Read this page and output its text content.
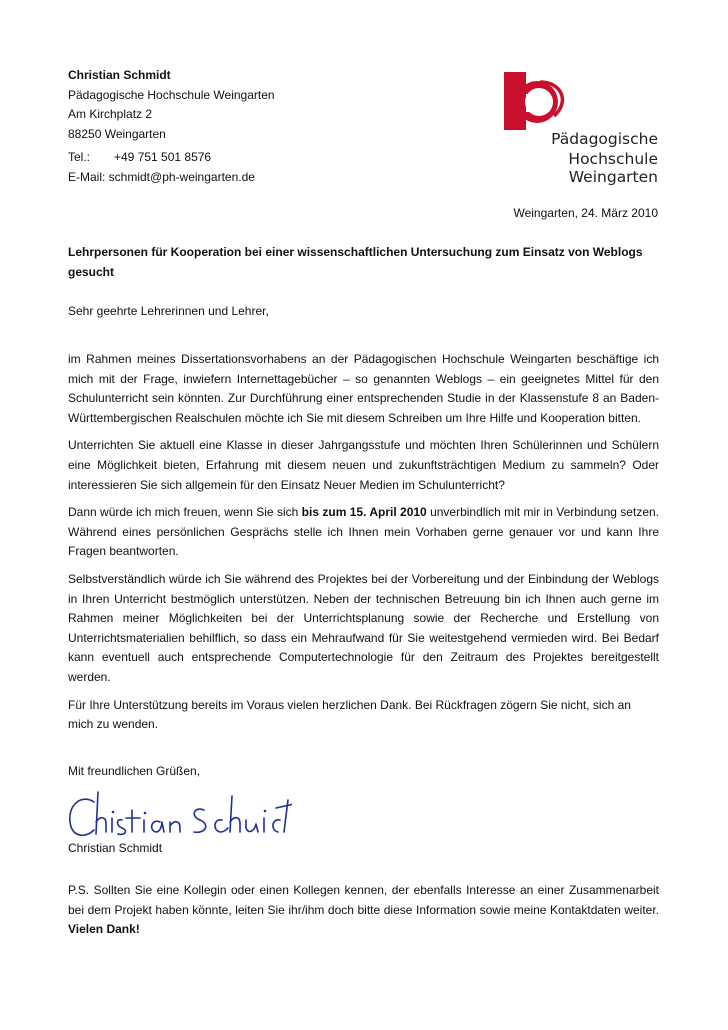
Christian Schmidt
Pädagogische Hochschule Weingarten
Am Kirchplatz 2
88250 Weingarten
Tel.: +49 751 501 8576
E-Mail: schmidt@ph-weingarten.de
Pädagogische
Hochschule Weingarten
Weingarten, 24. März 2010
Lehrpersonen für Kooperation bei einer wissenschaftlichen Untersuchung zum Einsatz von Weblogs gesucht
Sehr geehrte Lehrerinnen und Lehrer,

im Rahmen meines Dissertationsvorhabens an der Pädagogischen Hochschule Weingarten beschäftige ich mich mit der Frage, inwiefern Internettagebücher – so genannten Weblogs – ein geeignetes Mittel für den Schulunterricht sein könnten. Zur Durchführung einer entsprechenden Studie in der Klassenstufe 8 an Baden-Württembergischen Realschulen möchte ich Sie mit diesem Schreiben um Ihre Hilfe und Kooperation bitten.

Unterrichten Sie aktuell eine Klasse in dieser Jahrgangsstufe und möchten Ihren Schülerinnen und Schülern eine Möglichkeit bieten, Erfahrung mit diesem neuen und zukunftsträchtigen Medium zu sammeln? Oder interessieren Sie sich allgemein für den Einsatz Neuer Medien im Schulunterricht?

Dann würde ich mich freuen, wenn Sie sich bis zum 15. April 2010 unverbindlich mit mir in Verbindung setzen. Während eines persönlichen Gesprächs stelle ich Ihnen mein Vorhaben gerne genauer vor und kann Ihre Fragen beantworten.

Selbstverständlich würde ich Sie während des Projektes bei der Vorbereitung und der Einbindung der Weblogs in Ihren Unterricht bestmöglich unterstützen. Neben der technischen Betreuung bin ich Ihnen auch gerne im Rahmen meiner Möglichkeiten bei der Unterrichtsplanung sowie der Recherche und Erstellung von Unterrichtsmaterialien behilflich, so dass ein Mehraufwand für Sie weitestgehend vermieden wird. Bei Bedarf kann eventuell auch entsprechende Computertechnologie für den Zeitraum des Projektes bereitgestellt werden.

Für Ihre Unterstützung bereits im Voraus vielen herzlichen Dank. Bei Rückfragen zögern Sie nicht, sich an mich zu wenden.

Mit freundlichen Grüßen,
Christian Schmidt
P.S. Sollten Sie eine Kollegin oder einen Kollegen kennen, der ebenfalls Interesse an einer Zusammenarbeit bei dem Projekt haben könnte, leiten Sie ihr/ihm doch bitte diese Information sowie meine Kontaktdaten weiter. Vielen Dank!
